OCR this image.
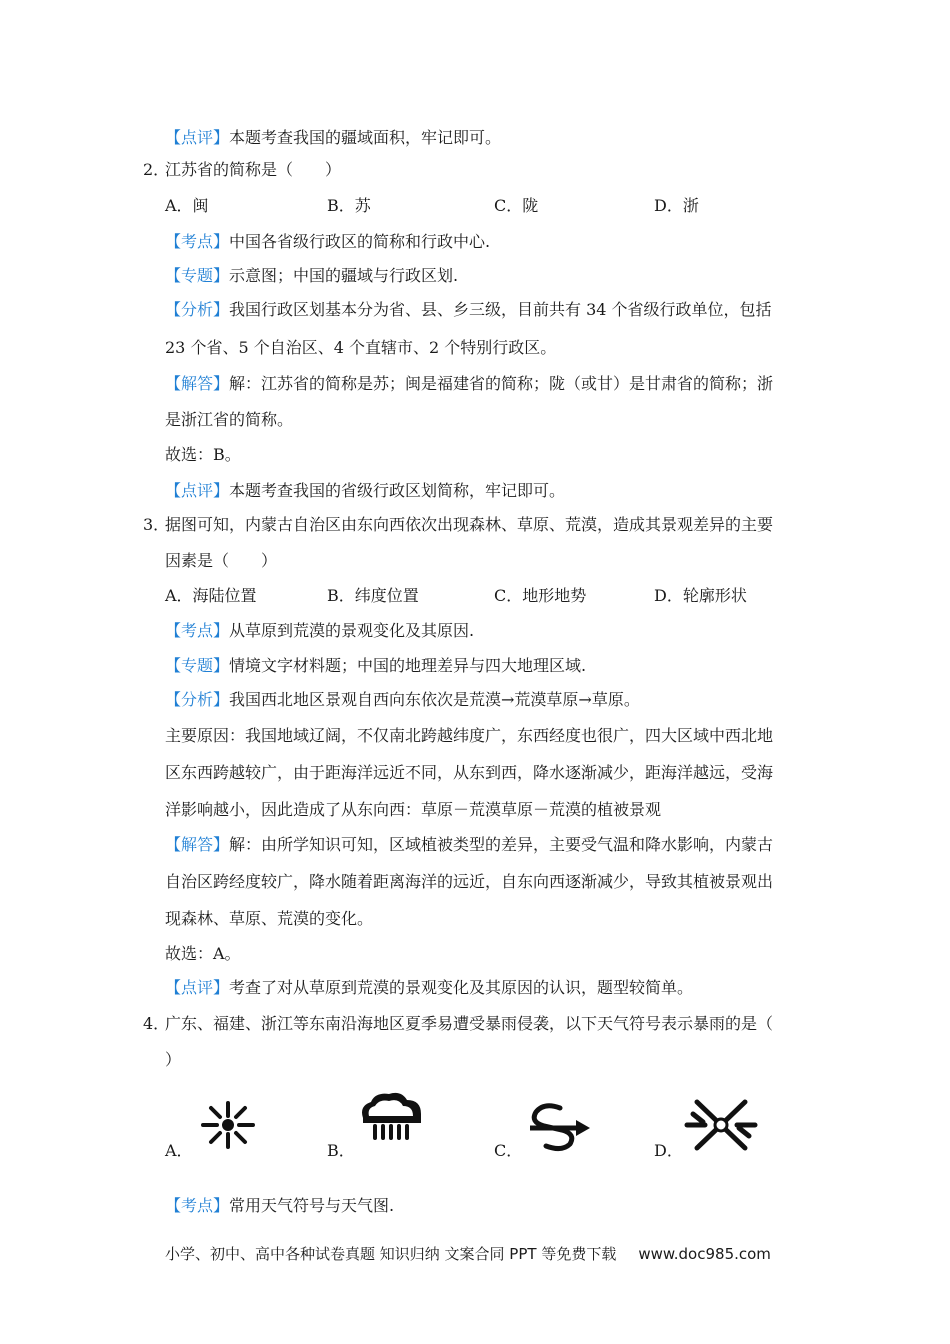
【点评】本题考查我国的疆域面积，牢记即可。
2．
江苏省的简称是（　　）
A．闽	B．苏	C．陇	D．浙
【考点】中国各省级行政区的简称和行政中心.
【专题】示意图；中国的疆域与行政区划.
【分析】我国行政区划基本分为省、县、乡三级，目前共有 34 个省级行政单位，包括
23 个省、5 个自治区、4 个直辖市、2 个特别行政区。
【解答】解：江苏省的简称是苏；闽是福建省的简称；陇（或甘）是甘肃省的简称；浙
是浙江省的简称。
故选：B。
【点评】本题考查我国的省级行政区划简称，牢记即可。
3．
据图可知，内蒙古自治区由东向西依次出现森林、草原、荒漠，造成其景观差异的主要
因素是（　　）
A．海陆位置	B．纬度位置	C．地形地势	D．轮廓形状
【考点】从草原到荒漠的景观变化及其原因.
【专题】情境文字材料题；中国的地理差异与四大地理区域.
【分析】我国西北地区景观自西向东依次是荒漠→荒漠草原→草原。
主要原因：我国地域辽阔，不仅南北跨越纬度广，东西经度也很广，四大区域中西北地
区东西跨越较广，由于距海洋远近不同，从东到西，降水逐渐减少，距海洋越远，受海
洋影响越小，因此造成了从东向西：草原－荒漠草原－荒漠的植被景观
【解答】解：由所学知识可知，区域植被类型的差异，主要受气温和降水影响，内蒙古
自治区跨经度较广，降水随着距离海洋的远近，自东向西逐渐减少，导致其植被景观出
现森林、草原、荒漠的变化。
故选：A。
【点评】考查了对从草原到荒漠的景观变化及其原因的认识，题型较简单。
4．
广东、福建、浙江等东南沿海地区夏季易遭受暴雨侵袭，以下天气符号表示暴雨的是（
）
A．	B．	C．	D．
【考点】常用天气符号与天气图.
小学、初中、高中各种试卷真题 知识归纳 文案合同 PPT 等免费下载 www.doc985.com
